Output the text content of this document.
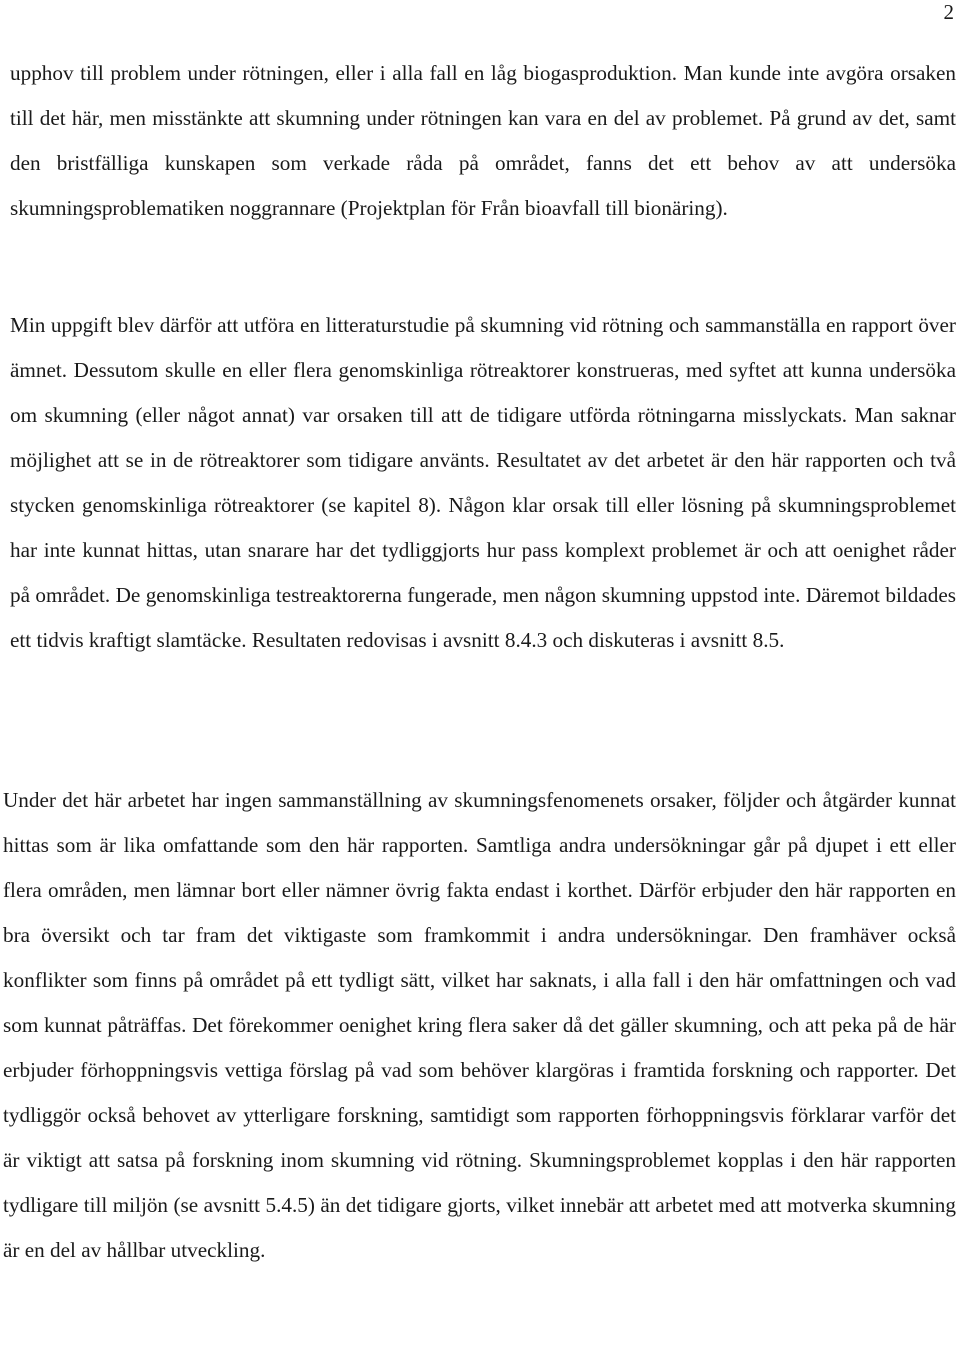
2

upphov till problem under rötningen, eller i alla fall en låg biogasproduktion. Man kunde inte avgöra orsaken till det här, men misstänkte att skumning under rötningen kan vara en del av problemet. På grund av det, samt den bristfälliga kunskapen som verkade råda på området, fanns det ett behov av att undersöka skumningsproblematiken noggrannare (Projektplan för Från bioavfall till bionäring).

Min uppgift blev därför att utföra en litteraturstudie på skumning vid rötning och sammanställa en rapport över ämnet. Dessutom skulle en eller flera genomskinliga rötreaktorer konstrueras, med syftet att kunna undersöka om skumning (eller något annat) var orsaken till att de tidigare utförda rötningarna misslyckats. Man saknar möjlighet att se in de rötreaktorer som tidigare använts. Resultatet av det arbetet är den här rapporten och två stycken genomskinliga rötreaktorer (se kapitel 8). Någon klar orsak till eller lösning på skumningsproblemet har inte kunnat hittas, utan snarare har det tydliggjorts hur pass komplext problemet är och att oenighet råder på området. De genomskinliga testreaktorerna fungerade, men någon skumning uppstod inte. Däremot bildades ett tidvis kraftigt slamtäcke. Resultaten redovisas i avsnitt 8.4.3 och diskuteras i avsnitt 8.5.

Under det här arbetet har ingen sammanställning av skumningsfenomenets orsaker, följder och åtgärder kunnat hittas som är lika omfattande som den här rapporten. Samtliga andra undersökningar går på djupet i ett eller flera områden, men lämnar bort eller nämner övrig fakta endast i korthet. Därför erbjuder den här rapporten en bra översikt och tar fram det viktigaste som framkommit i andra undersökningar. Den framhäver också konflikter som finns på området på ett tydligt sätt, vilket har saknats, i alla fall i den här omfattningen och vad som kunnat påträffas. Det förekommer oenighet kring flera saker då det gäller skumning, och att peka på de här erbjuder förhoppningsvis vettiga förslag på vad som behöver klargöras i framtida forskning och rapporter. Det tydliggör också behovet av ytterligare forskning, samtidigt som rapporten förhoppningsvis förklarar varför det är viktigt att satsa på forskning inom skumning vid rötning. Skumningsproblemet kopplas i den här rapporten tydligare till miljön (se avsnitt 5.4.5) än det tidigare gjorts, vilket innebär att arbetet med att motverka skumning är en del av hållbar utveckling.
